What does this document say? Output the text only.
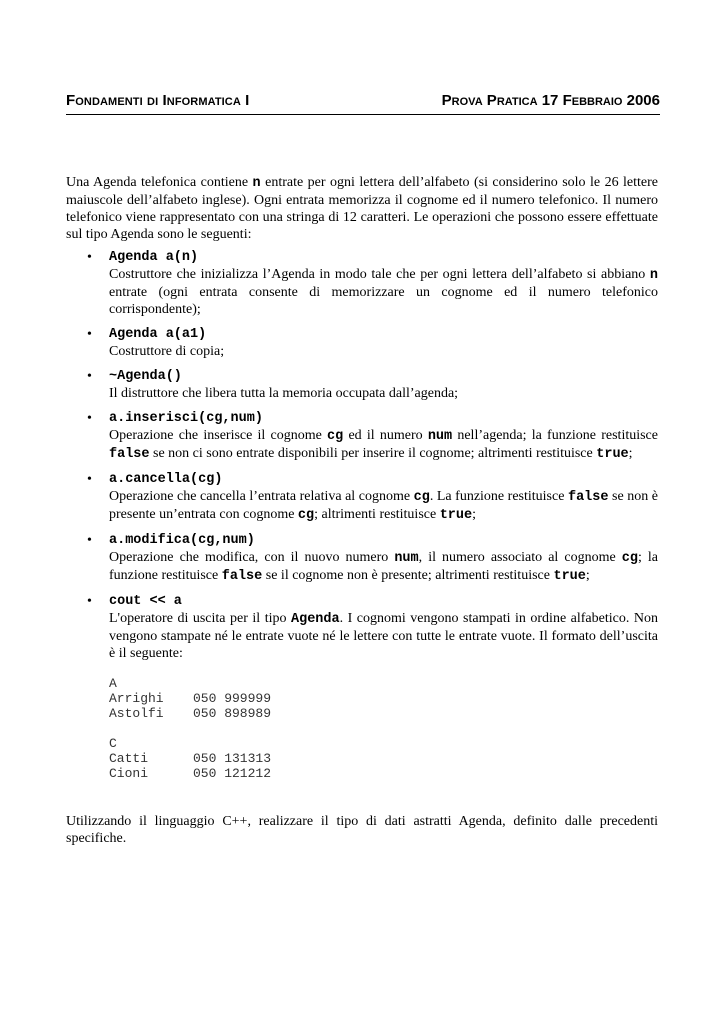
Fondamenti di Informatica I	Prova Pratica 17 Febbraio 2006

Una Agenda telefonica contiene n entrate per ogni lettera dell’alfabeto (si considerino solo le 26 lettere maiuscole dell’alfabeto inglese). Ogni entrata memorizza il cognome ed il numero telefonico. Il numero telefonico viene rappresentato con una stringa di 12 caratteri. Le operazioni che possono essere effettuate sul tipo Agenda sono le seguenti:

• Agenda a(n)
Costruttore che inizializza l’Agenda in modo tale che per ogni lettera dell’alfabeto si abbiano n entrate (ogni entrata consente di memorizzare un cognome ed il numero telefonico corrispondente);
• Agenda a(a1)
Costruttore di copia;
• ~Agenda()
Il distruttore che libera tutta la memoria occupata dall’agenda;
• a.inserisci(cg,num)
Operazione che inserisce il cognome cg ed il numero num nell’agenda; la funzione restituisce false se non ci sono entrate disponibili per inserire il cognome; altrimenti restituisce true;
• a.cancella(cg)
Operazione che cancella l’entrata relativa al cognome cg. La funzione restituisce false se non è presente un’entrata con cognome cg; altrimenti restituisce true;
• a.modifica(cg,num)
Operazione che modifica, con il nuovo numero num, il numero associato al cognome cg; la funzione restituisce false se il cognome non è presente; altrimenti restituisce true;
• cout << a
L'operatore di uscita per il tipo Agenda. I cognomi vengono stampati in ordine alfabetico. Non vengono stampate né le entrate vuote né le lettere con tutte le entrate vuote. Il formato dell’uscita è il seguente:
A
Arrighi 050 999999
Astolfi 050 898989
C
Catti	050 131313
Cioni	050 121212

Utilizzando il linguaggio C++, realizzare il tipo di dati astratti Agenda, definito dalle precedenti specifiche.
